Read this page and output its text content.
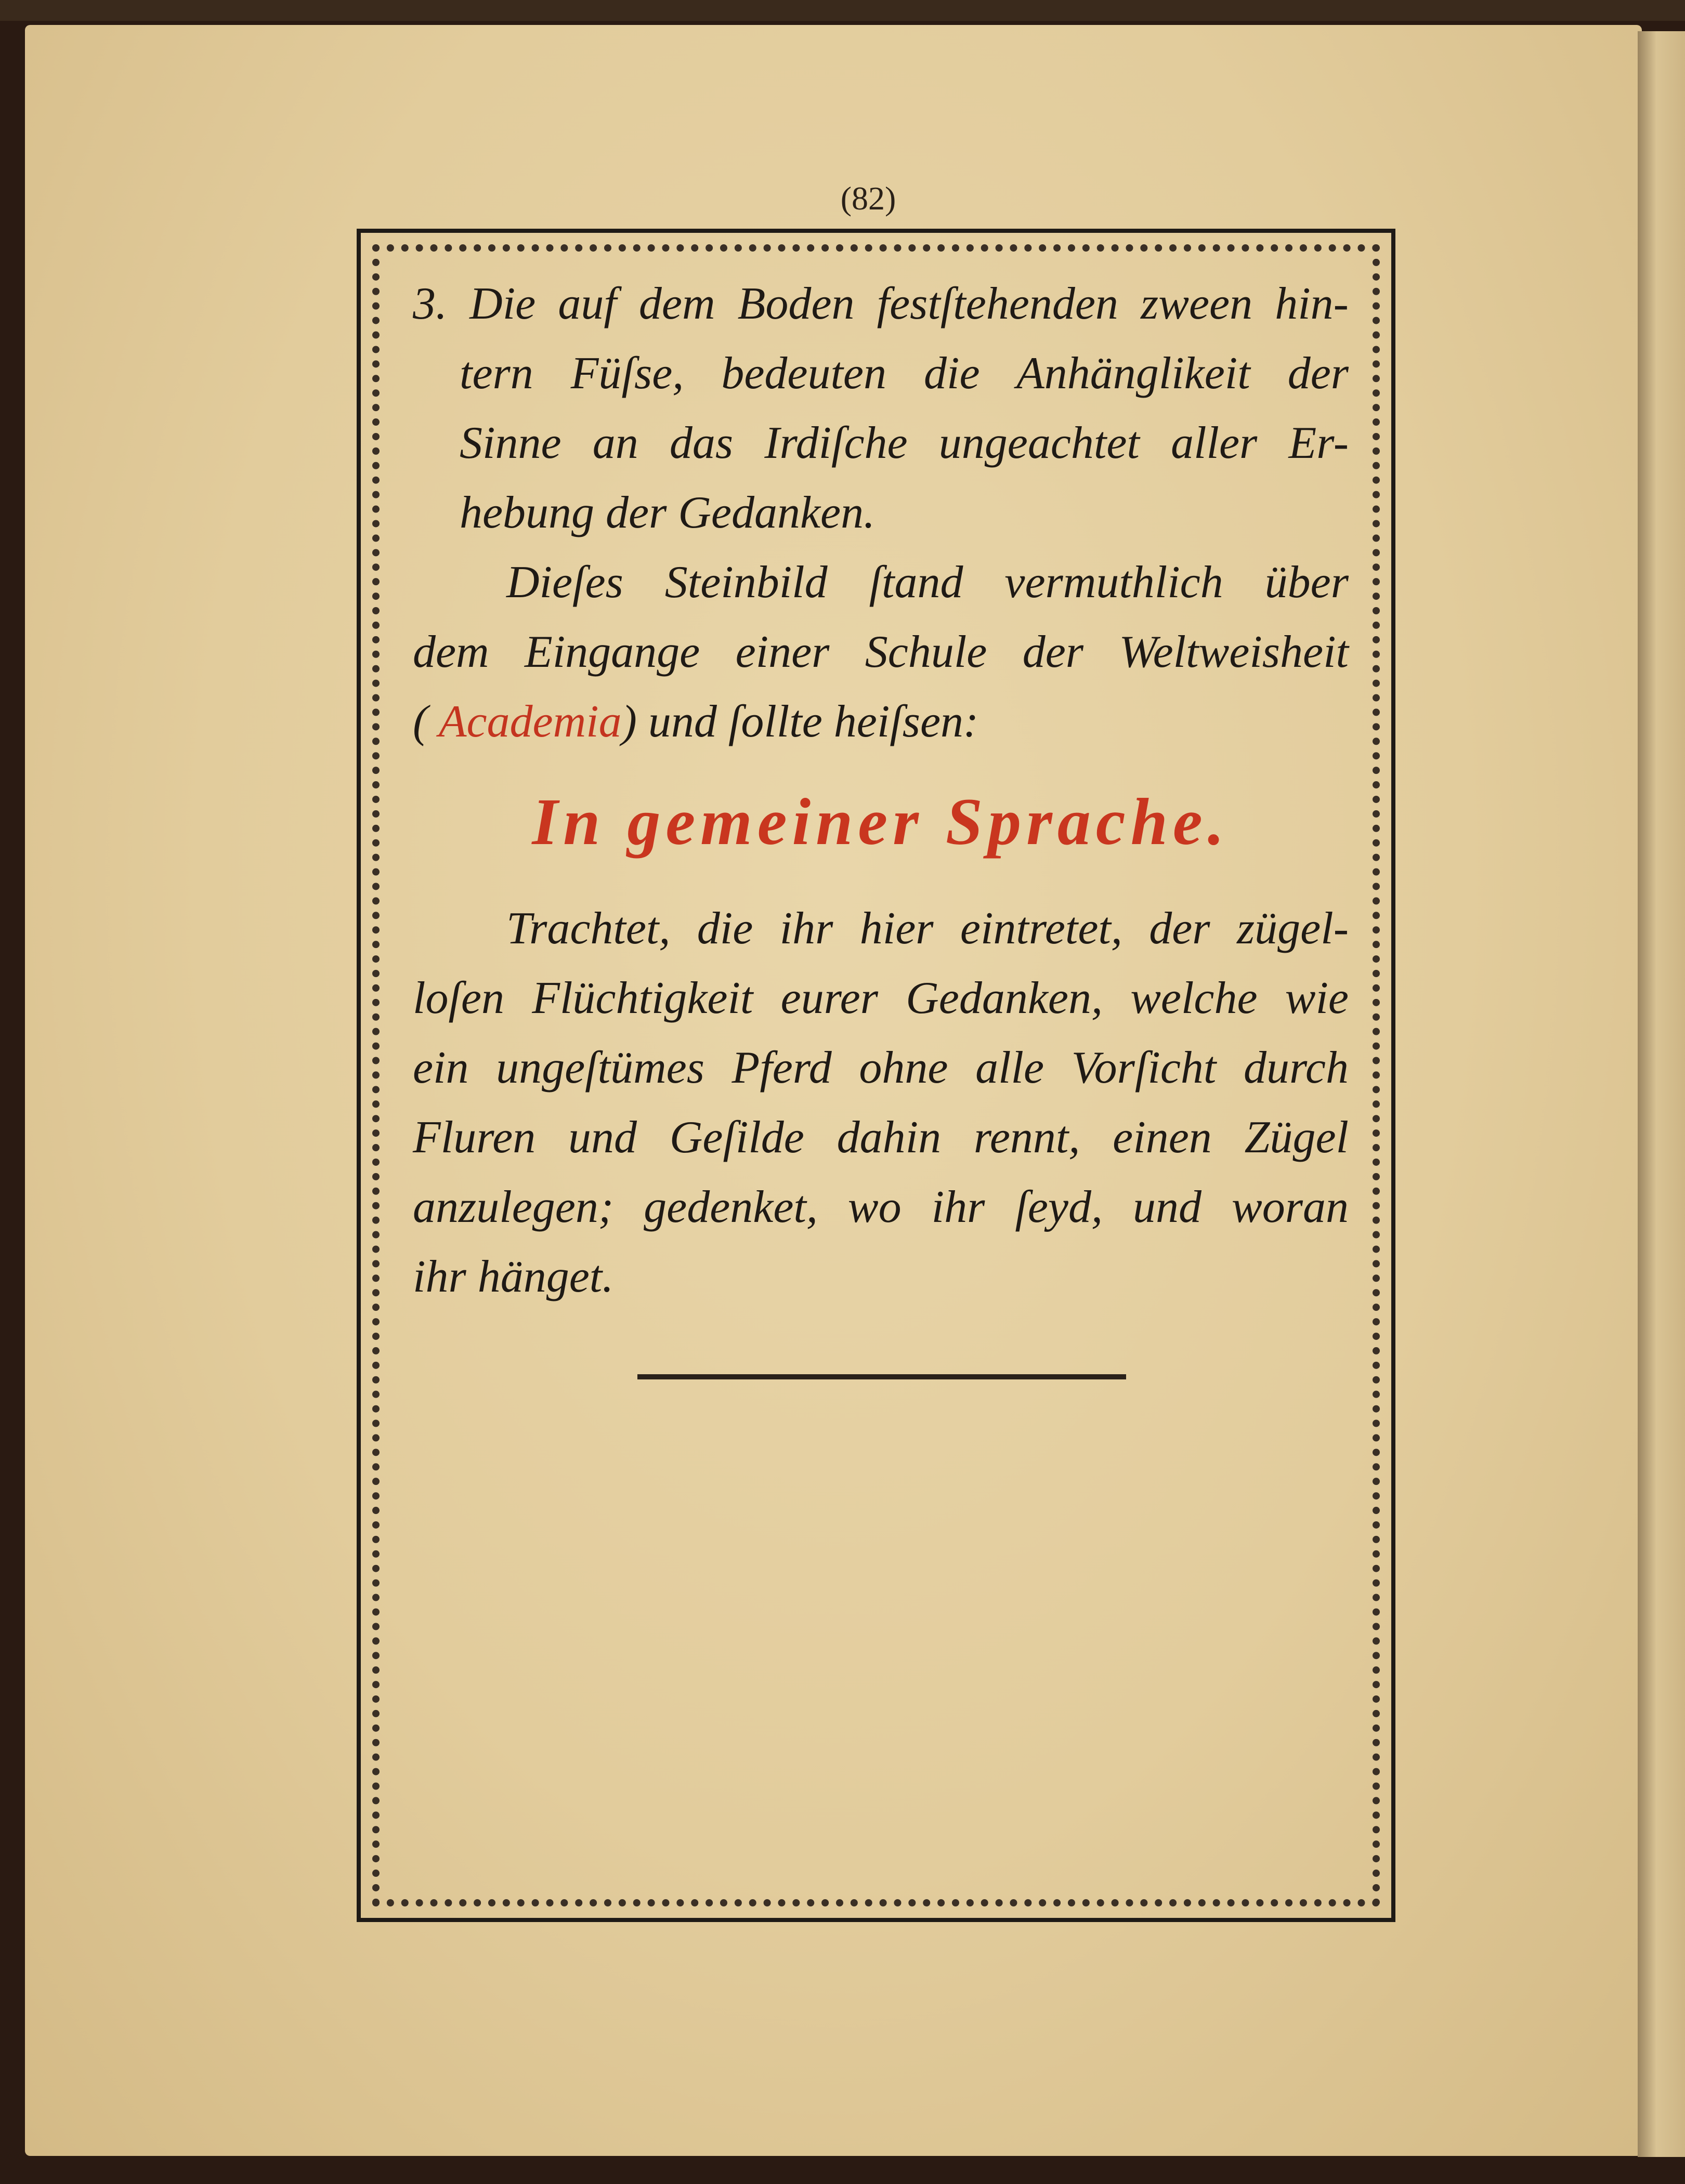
(82)
3. Die auf dem Boden festſtehenden zween hin-
tern Füſse, bedeuten die Anhänglikeit der
Sinne an das Irdiſche ungeachtet aller Er-
hebung der Gedanken.
Dieſes Steinbild ſtand vermuthlich über
dem Eingange einer Schule der Weltweisheit
( Academia) und ſollte heiſsen:
In gemeiner Sprache.
Trachtet, die ihr hier eintretet, der zügel-
loſen Flüchtigkeit eurer Gedanken, welche wie
ein ungeſtümes Pferd ohne alle Vorſicht durch
Fluren und Geſilde dahin rennt, einen Zügel
anzulegen; gedenket, wo ihr ſeyd, und woran
ihr hänget.
